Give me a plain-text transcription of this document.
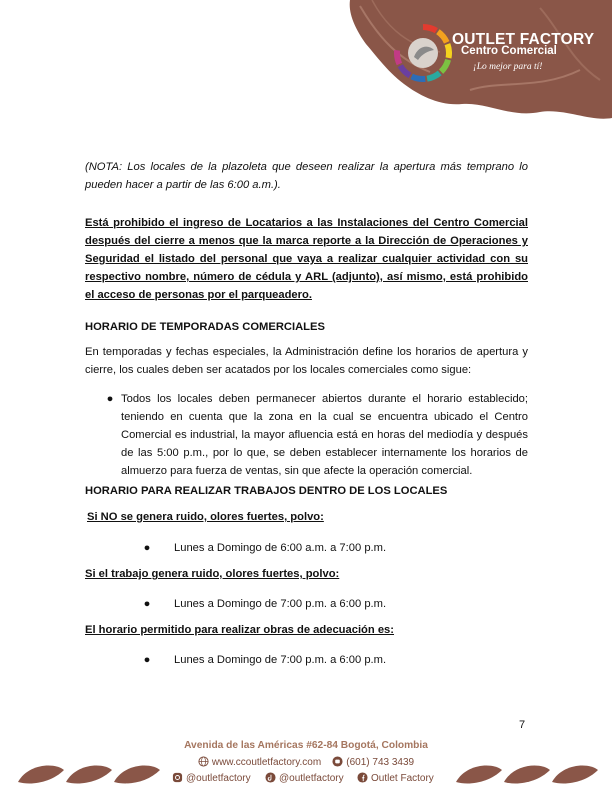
OUTLET FACTORY
Centro Comercial
¡Lo mejor para tí!

(NOTA: Los locales de la plazoleta que deseen realizar la apertura más temprano lo pueden hacer a partir de las 6:00 a.m.).

Está prohibido el ingreso de Locatarios a las Instalaciones del Centro Comercial después del cierre a menos que la marca reporte a la Dirección de Operaciones y Seguridad el listado del personal que vaya a realizar cualquier actividad con su respectivo nombre, número de cédula y ARL (adjunto), así mismo, está prohibido el acceso de personas por el parqueadero.

HORARIO DE TEMPORADAS COMERCIALES

En temporadas y fechas especiales, la Administración define los horarios de apertura y cierre, los cuales deben ser acatados por los locales comerciales como sigue:

● Todos los locales deben permanecer abiertos durante el horario establecido; teniendo en cuenta que la zona en la cual se encuentra ubicado el Centro Comercial es industrial, la mayor afluencia está en horas del mediodía y después de las 5:00 p.m., por lo que, se deben establecer internamente los horarios de almuerzo para fuerza de ventas, sin que afecte la operación comercial.
HORARIO PARA REALIZAR TRABAJOS DENTRO DE LOS LOCALES
Si NO se genera ruido, olores fuertes, polvo:
●	Lunes a Domingo de 6:00 a.m. a 7:00 p.m.
Si el trabajo genera ruido, olores fuertes, polvo:
●	Lunes a Domingo de 7:00 p.m. a 6:00 p.m.
El horario permitido para realizar obras de adecuación es:
●	Lunes a Domingo de 7:00 p.m. a 6:00 p.m.
7
Avenida de las Américas #62-84 Bogotá, Colombia
www.ccoutletfactory.com	(601) 743 3439
@outletfactory	@outletfactory	Outlet Factory
